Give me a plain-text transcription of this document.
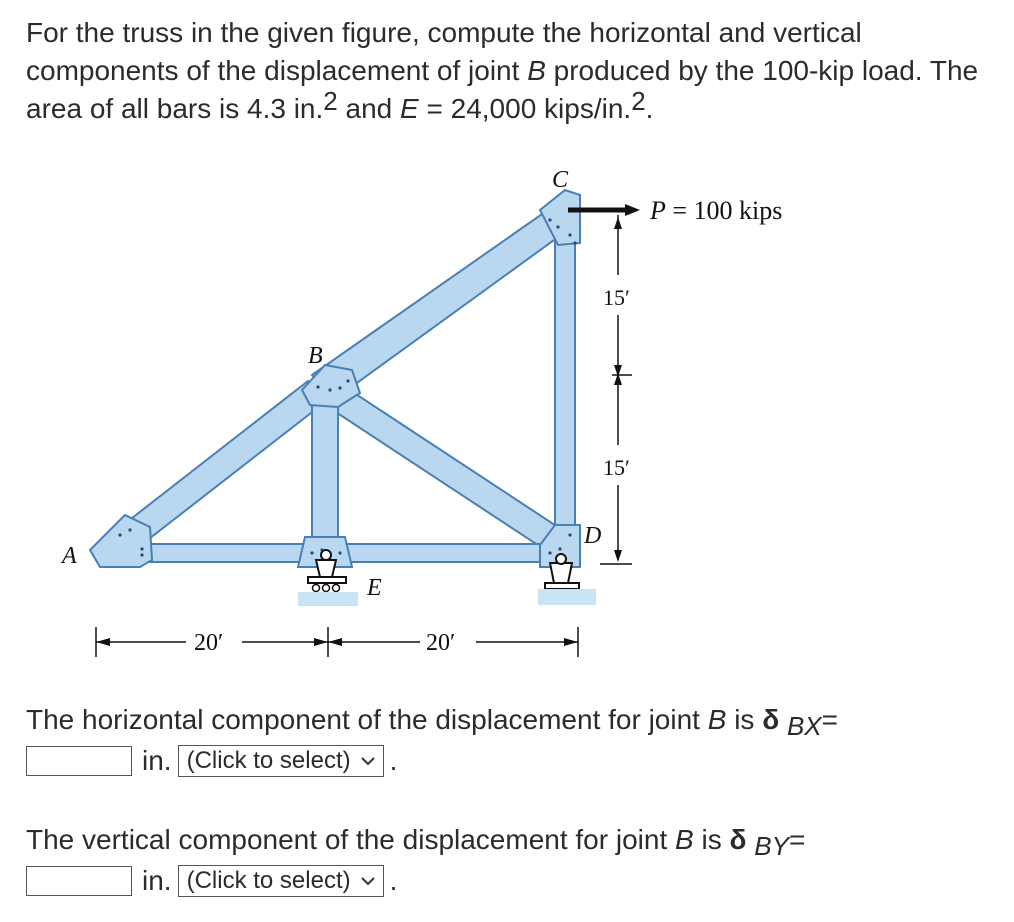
For the truss in the given figure, compute the horizontal and vertical components of the displacement of joint B produced by the 100-kip load. The area of all bars is 4.3 in.$^2$ and E = 24,000 kips/in.$^2$.

A
B
C
D
E
P = 100 kips
15′
15′
20′	20′
The horizontal component of the displacement for joint B is δ BX=
in. (Click to select) .
The vertical component of the displacement for joint B is δ BY=
in. (Click to select) .
